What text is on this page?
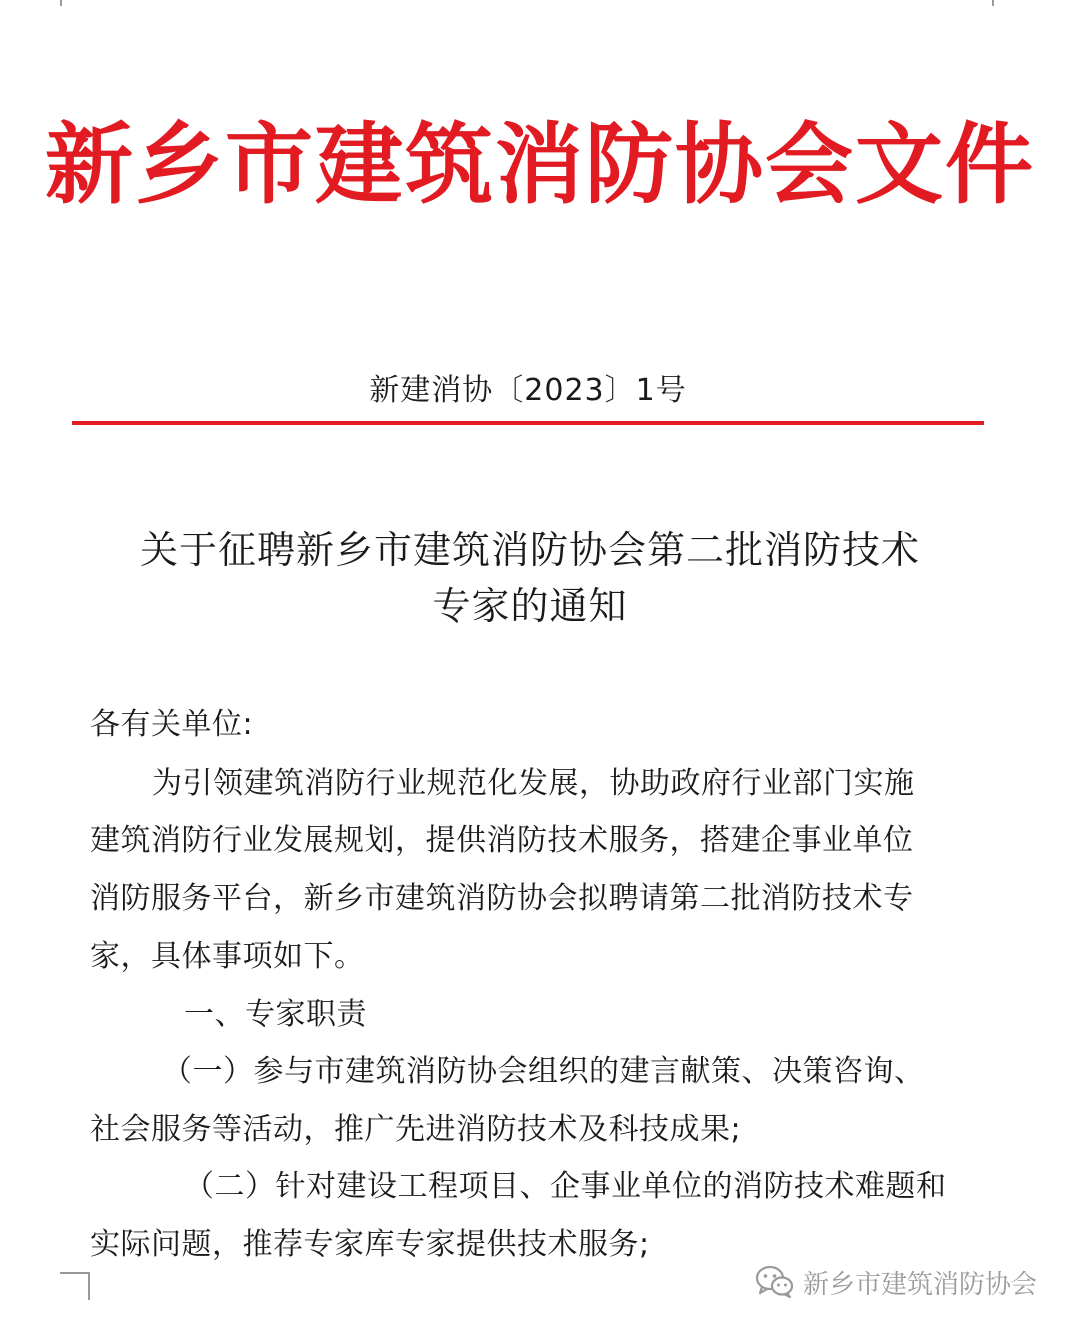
新乡市建筑消防协会文件
新建消协〔2023〕1号
关于征聘新乡市建筑消防协会第二批消防技术
专家的通知
各有关单位:
为引领建筑消防行业规范化发展，协助政府行业部门实施
建筑消防行业发展规划，提供消防技术服务，搭建企事业单位
消防服务平台，新乡市建筑消防协会拟聘请第二批消防技术专
家，具体事项如下。
一、专家职责
（一）参与市建筑消防协会组织的建言献策、决策咨询、
社会服务等活动，推广先进消防技术及科技成果;
（二）针对建设工程项目、企事业单位的消防技术难题和
实际问题，推荐专家库专家提供技术服务;
新乡市建筑消防协会
